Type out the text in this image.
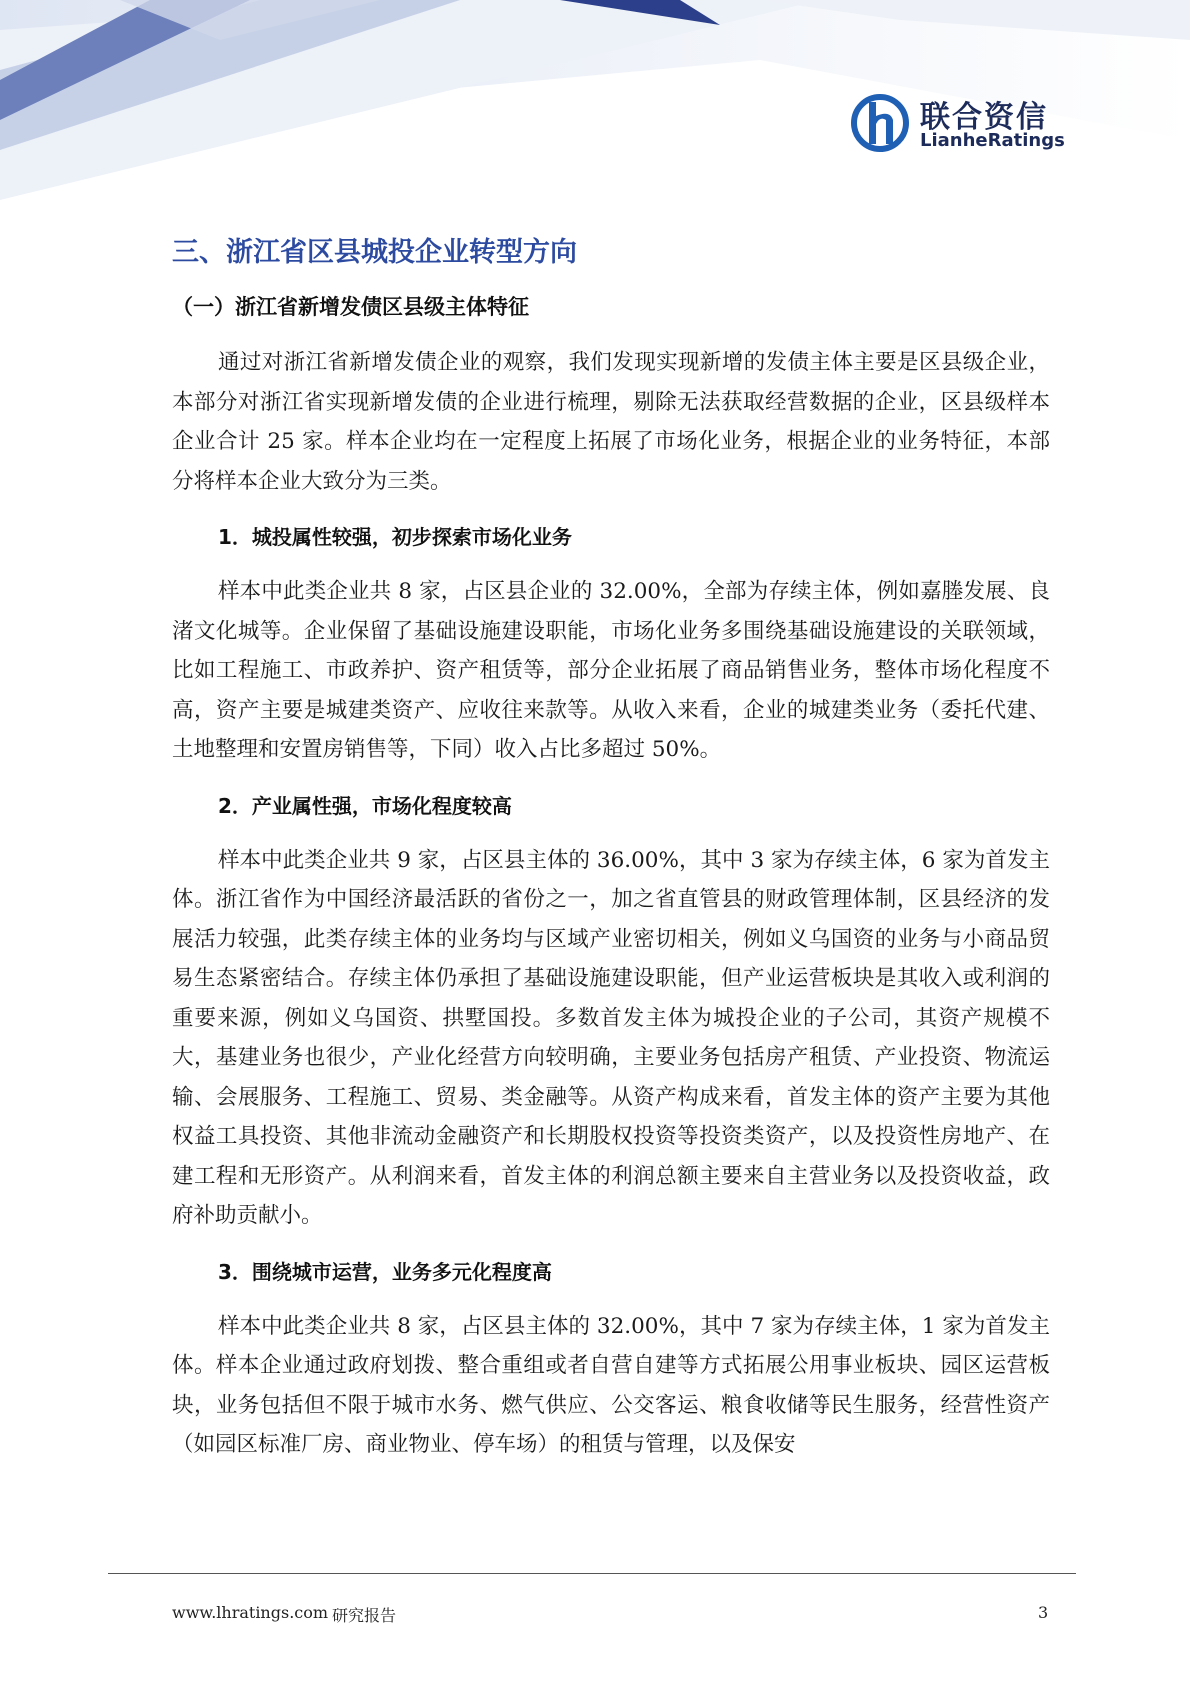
联合资信
LianheRatings
三、浙江省区县城投企业转型方向
（一）浙江省新增发债区县级主体特征

通过对浙江省新增发债企业的观察，我们发现实现新增的发债主体主要是区县级企业，本部分对浙江省实现新增发债的企业进行梳理，剔除无法获取经营数据的企业，区县级样本企业合计 25 家。样本企业均在一定程度上拓展了市场化业务，根据企业的业务特征，本部分将样本企业大致分为三类。

1．城投属性较强，初步探索市场化业务

样本中此类企业共 8 家，占区县企业的 32.00%，全部为存续主体，例如嘉塍发展、良渚文化城等。企业保留了基础设施建设职能，市场化业务多围绕基础设施建设的关联领域，比如工程施工、市政养护、资产租赁等，部分企业拓展了商品销售业务，整体市场化程度不高，资产主要是城建类资产、应收往来款等。从收入来看，企业的城建类业务（委托代建、土地整理和安置房销售等，下同）收入占比多超过 50%。

2．产业属性强，市场化程度较高

样本中此类企业共 9 家，占区县主体的 36.00%，其中 3 家为存续主体，6 家为首发主体。浙江省作为中国经济最活跃的省份之一，加之省直管县的财政管理体制，区县经济的发展活力较强，此类存续主体的业务均与区域产业密切相关，例如义乌国资的业务与小商品贸易生态紧密结合。存续主体仍承担了基础设施建设职能，但产业运营板块是其收入或利润的重要来源，例如义乌国资、拱墅国投。多数首发主体为城投企业的子公司，其资产规模不大，基建业务也很少，产业化经营方向较明确，主要业务包括房产租赁、产业投资、物流运输、会展服务、工程施工、贸易、类金融等。从资产构成来看，首发主体的资产主要为其他权益工具投资、其他非流动金融资产和长期股权投资等投资类资产，以及投资性房地产、在建工程和无形资产。从利润来看，首发主体的利润总额主要来自主营业务以及投资收益，政府补助贡献小。

3．围绕城市运营，业务多元化程度高

样本中此类企业共 8 家，占区县主体的 32.00%，其中 7 家为存续主体，1 家为首发主体。样本企业通过政府划拨、整合重组或者自营自建等方式拓展公用事业板块、园区运营板块，业务包括但不限于城市水务、燃气供应、公交客运、粮食收储等民生服务，经营性资产（如园区标准厂房、商业物业、停车场）的租赁与管理，以及保安

www.lhratings.com 研究报告	3
